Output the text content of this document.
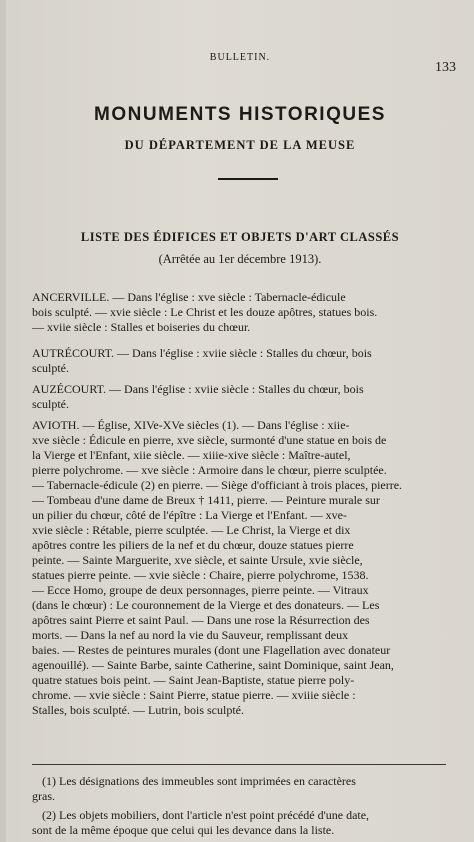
BULLETIN.
133
MONUMENTS HISTORIQUES
DU DÉPARTEMENT DE LA MEUSE
LISTE DES ÉDIFICES ET OBJETS D'ART CLASSÉS
(Arrêtée au 1er décembre 1913).

ANCERVILLE. — Dans l'église : xve siècle : Tabernacle-édicule

bois sculpté. — xvie siècle : Le Christ et les douze apôtres, statues bois.

— xviie siècle : Stalles et boiseries du chœur.

AUTRÉCOURT. — Dans l'église : xviie siècle : Stalles du chœur, bois

sculpté.

AUZÉCOURT. — Dans l'église : xviie siècle : Stalles du chœur, bois

sculpté.

AVIOTH. — Église, XIVe-XVe siècles (1). — Dans l'église : xiie-

xve siècle : Édicule en pierre, xve siècle, surmonté d'une statue en bois de

la Vierge et l'Enfant, xiie siècle. — xiiie-xive siècle : Maître-autel,

pierre polychrome. — xve siècle : Armoire dans le chœur, pierre sculptée.

— Tabernacle-édicule (2) en pierre. — Siège d'officiant à trois places, pierre.

— Tombeau d'une dame de Breux † 1411, pierre. — Peinture murale sur

un pilier du chœur, côté de l'épître : La Vierge et l'Enfant. — xve-

xvie siècle : Rétable, pierre sculptée. — Le Christ, la Vierge et dix

apôtres contre les piliers de la nef et du chœur, douze statues pierre

peinte. — Sainte Marguerite, xve siècle, et sainte Ursule, xvie siècle,

statues pierre peinte. — xvie siècle : Chaire, pierre polychrome, 1538.

— Ecce Homo, groupe de deux personnages, pierre peinte. — Vitraux

(dans le chœur) : Le couronnement de la Vierge et des donateurs. — Les

apôtres saint Pierre et saint Paul. — Dans une rose la Résurrection des

morts. — Dans la nef au nord la vie du Sauveur, remplissant deux

baies. — Restes de peintures murales (dont une Flagellation avec donateur

agenouillé). — Sainte Barbe, sainte Catherine, saint Dominique, saint Jean,

quatre statues bois peint. — Saint Jean-Baptiste, statue pierre poly-

chrome. — xvie siècle : Saint Pierre, statue pierre. — xviiie siècle :

Stalles, bois sculpté. — Lutrin, bois sculpté.

(1) Les désignations des immeubles sont imprimées en caractères

gras.

(2) Les objets mobiliers, dont l'article n'est point précédé d'une date,

sont de la même époque que celui qui les devance dans la liste.
